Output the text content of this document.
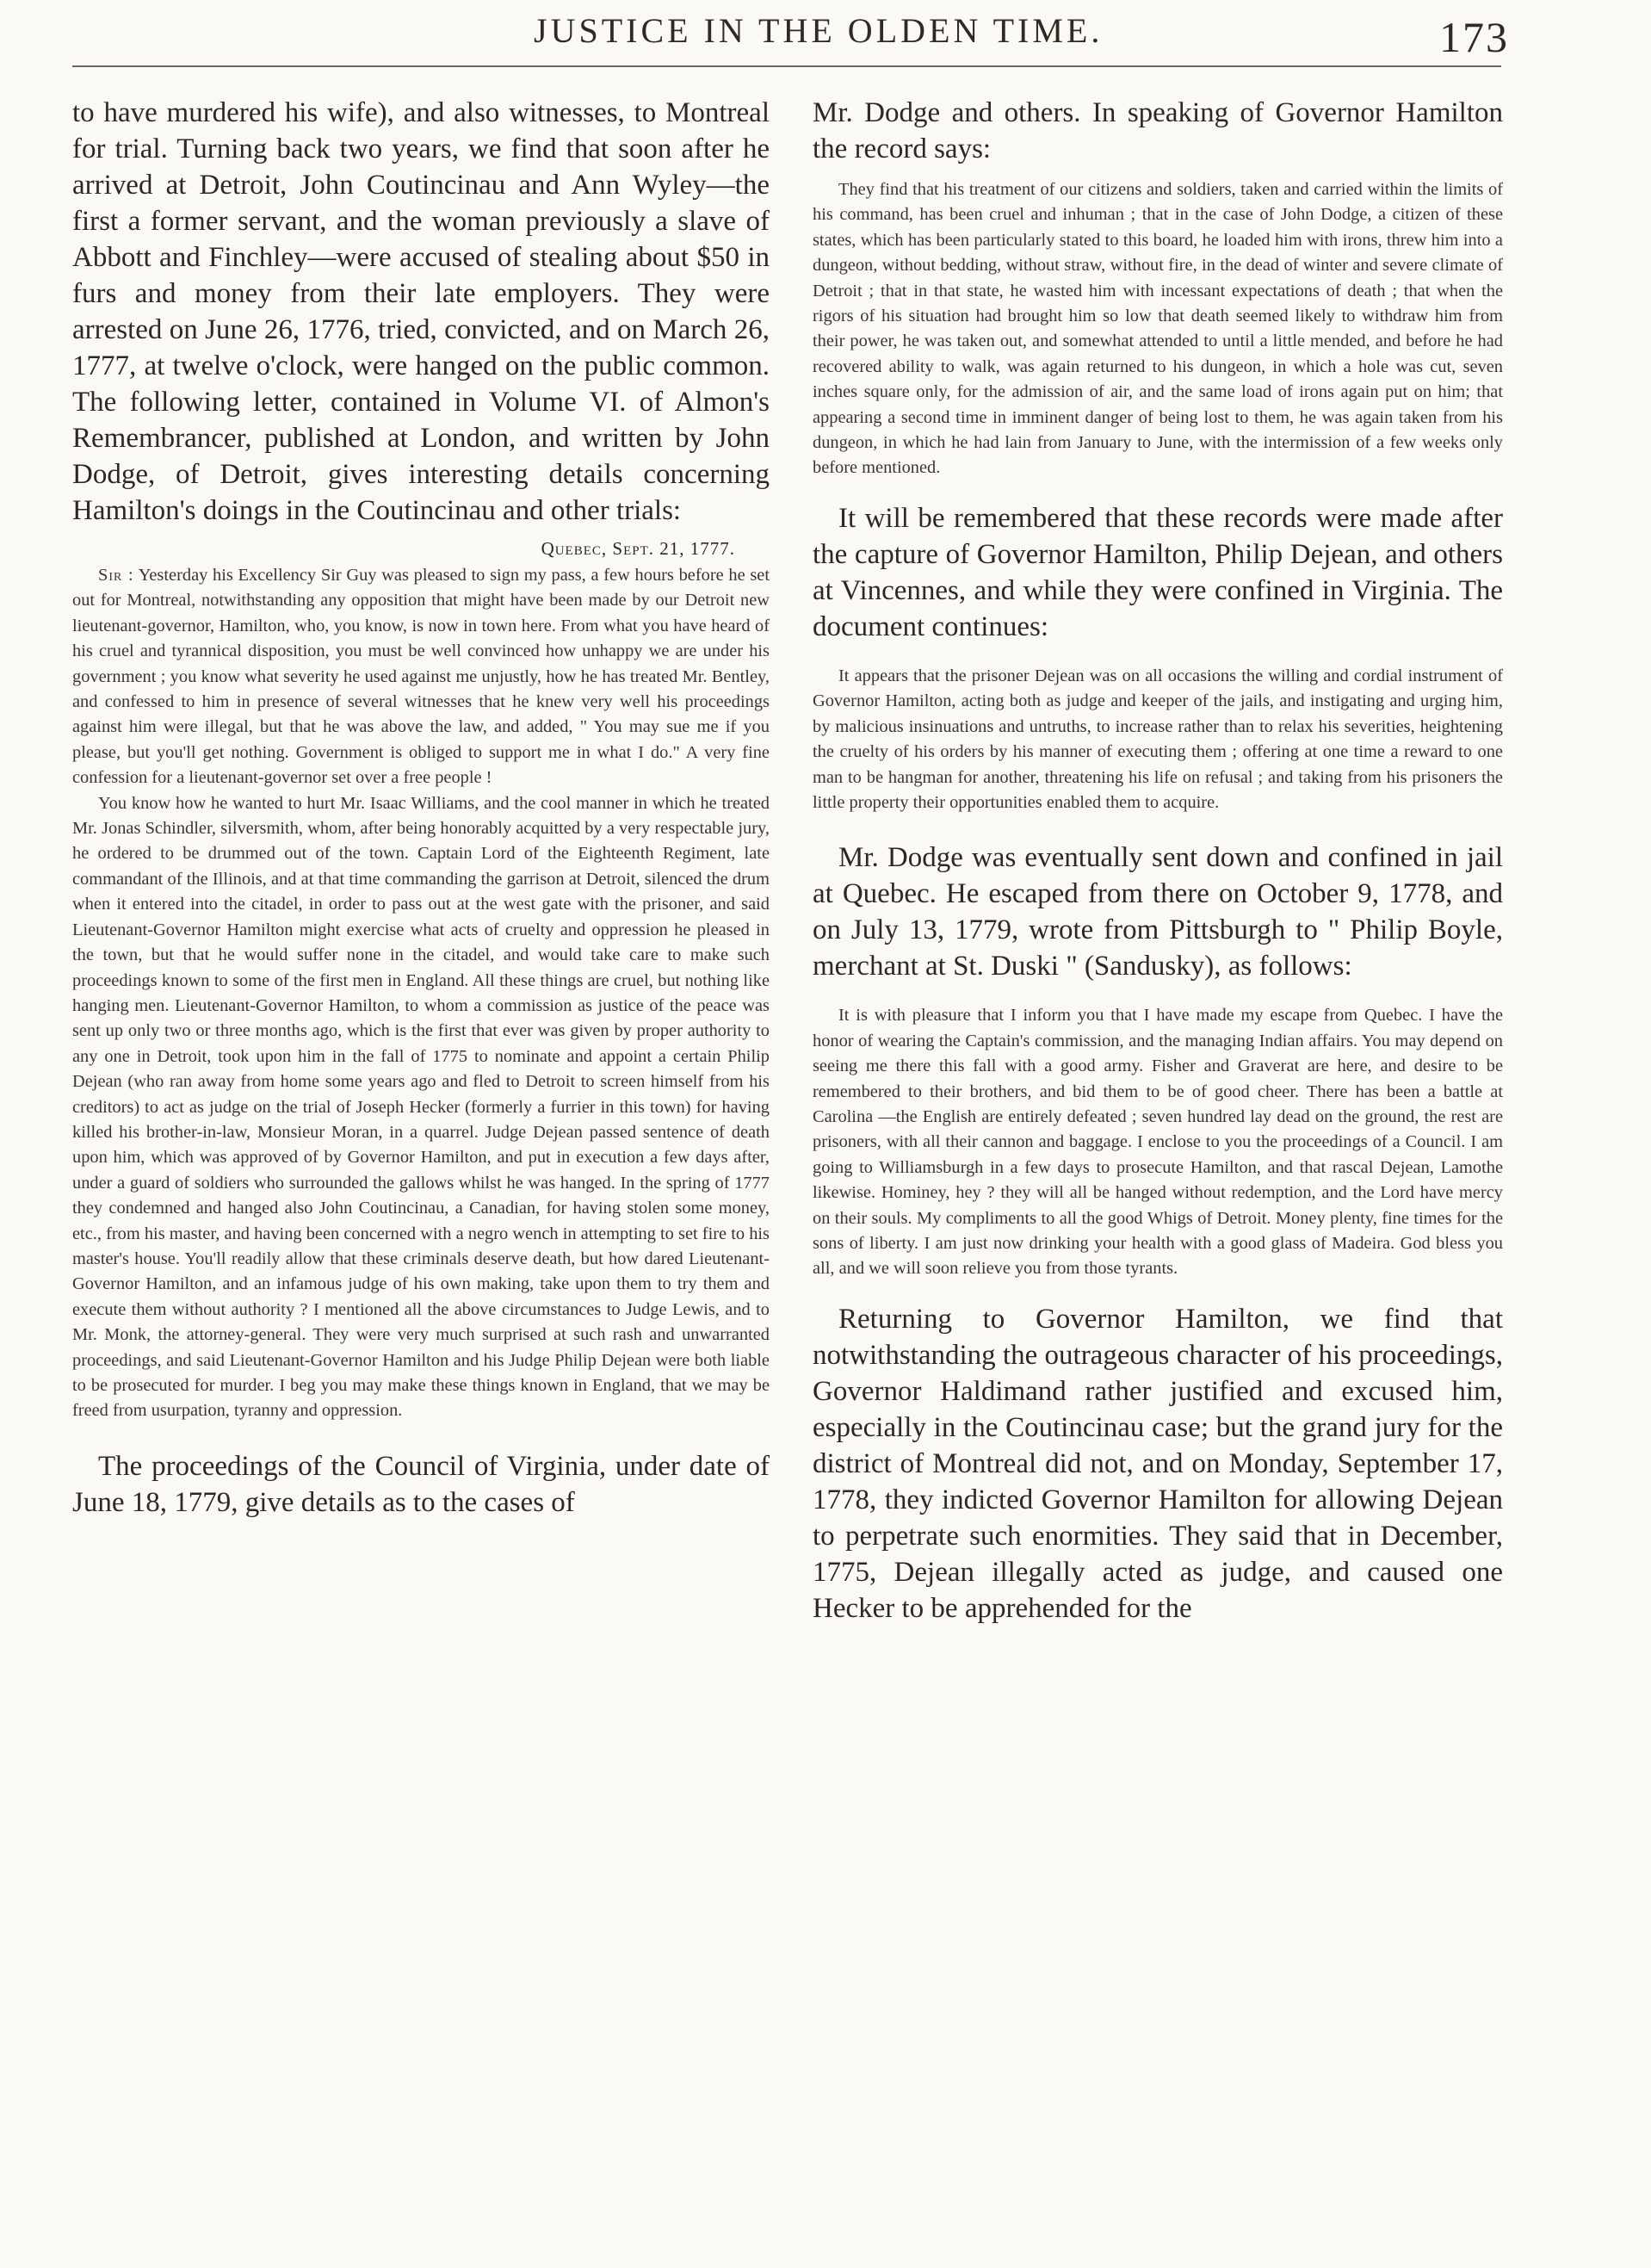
JUSTICE IN THE OLDEN TIME.	173

to have murdered his wife), and also witnesses, to Montreal for trial. Turning back two years, we find that soon after he arrived at Detroit, John Coutincinau and Ann Wyley—the first a former servant, and the woman previously a slave of Abbott and Finchley—were accused of stealing about $50 in furs and money from their late employers. They were arrested on June 26, 1776, tried, convicted, and on March 26, 1777, at twelve o'clock, were hanged on the public common. The following letter, contained in Volume VI. of Almon's Remembrancer, published at London, and written by John Dodge, of Detroit, gives interesting details concerning Hamilton's doings in the Coutincinau and other trials:

Quebec, Sept. 21, 1777.

Sir : Yesterday his Excellency Sir Guy was pleased to sign my pass, a few hours before he set out for Montreal, notwithstanding any opposition that might have been made by our Detroit new lieutenant-governor, Hamilton, who, you know, is now in town here. From what you have heard of his cruel and tyrannical disposition, you must be well convinced how unhappy we are under his government ; you know what severity he used against me unjustly, how he has treated Mr. Bentley, and confessed to him in presence of several witnesses that he knew very well his proceedings against him were illegal, but that he was above the law, and added, " You may sue me if you please, but you'll get nothing. Government is obliged to support me in what I do." A very fine confession for a lieutenant-governor set over a free people !

You know how he wanted to hurt Mr. Isaac Williams, and the cool manner in which he treated Mr. Jonas Schindler, silversmith, whom, after being honorably acquitted by a very respectable jury, he ordered to be drummed out of the town. Captain Lord of the Eighteenth Regiment, late commandant of the Illinois, and at that time commanding the garrison at Detroit, silenced the drum when it entered into the citadel, in order to pass out at the west gate with the prisoner, and said Lieutenant-Governor Hamilton might exercise what acts of cruelty and oppression he pleased in the town, but that he would suffer none in the citadel, and would take care to make such proceedings known to some of the first men in England. All these things are cruel, but nothing like hanging men. Lieutenant-Governor Hamilton, to whom a commission as justice of the peace was sent up only two or three months ago, which is the first that ever was given by proper authority to any one in Detroit, took upon him in the fall of 1775 to nominate and appoint a certain Philip Dejean (who ran away from home some years ago and fled to Detroit to screen himself from his creditors) to act as judge on the trial of Joseph Hecker (formerly a furrier in this town) for having killed his brother-in-law, Monsieur Moran, in a quarrel. Judge Dejean passed sentence of death upon him, which was approved of by Governor Hamilton, and put in execution a few days after, under a guard of soldiers who surrounded the gallows whilst he was hanged. In the spring of 1777 they condemned and hanged also John Coutincinau, a Canadian, for having stolen some money, etc., from his master, and having been concerned with a negro wench in attempting to set fire to his master's house. You'll readily allow that these criminals deserve death, but how dared Lieutenant-Governor Hamilton, and an infamous judge of his own making, take upon them to try them and execute them without authority ? I mentioned all the above circumstances to Judge Lewis, and to Mr. Monk, the attorney-general. They were very much surprised at such rash and unwarranted proceedings, and said Lieutenant-Governor Hamilton and his Judge Philip Dejean were both liable to be prosecuted for murder. I beg you may make these things known in England, that we may be freed from usurpation, tyranny and oppression.

The proceedings of the Council of Virginia, under date of June 18, 1779, give details as to the cases of

Mr. Dodge and others. In speaking of Governor Hamilton the record says:

They find that his treatment of our citizens and soldiers, taken and carried within the limits of his command, has been cruel and inhuman ; that in the case of John Dodge, a citizen of these states, which has been particularly stated to this board, he loaded him with irons, threw him into a dungeon, without bedding, without straw, without fire, in the dead of winter and severe climate of Detroit ; that in that state, he wasted him with incessant expectations of death ; that when the rigors of his situation had brought him so low that death seemed likely to withdraw him from their power, he was taken out, and somewhat attended to until a little mended, and before he had recovered ability to walk, was again returned to his dungeon, in which a hole was cut, seven inches square only, for the admission of air, and the same load of irons again put on him; that appearing a second time in imminent danger of being lost to them, he was again taken from his dungeon, in which he had lain from January to June, with the intermission of a few weeks only before mentioned.

It will be remembered that these records were made after the capture of Governor Hamilton, Philip Dejean, and others at Vincennes, and while they were confined in Virginia. The document continues:

It appears that the prisoner Dejean was on all occasions the willing and cordial instrument of Governor Hamilton, acting both as judge and keeper of the jails, and instigating and urging him, by malicious insinuations and untruths, to increase rather than to relax his severities, heightening the cruelty of his orders by his manner of executing them ; offering at one time a reward to one man to be hangman for another, threatening his life on refusal ; and taking from his prisoners the little property their opportunities enabled them to acquire.

Mr. Dodge was eventually sent down and confined in jail at Quebec. He escaped from there on October 9, 1778, and on July 13, 1779, wrote from Pittsburgh to " Philip Boyle, merchant at St. Duski " (Sandusky), as follows:

It is with pleasure that I inform you that I have made my escape from Quebec. I have the honor of wearing the Captain's commission, and the managing Indian affairs. You may depend on seeing me there this fall with a good army. Fisher and Graverat are here, and desire to be remembered to their brothers, and bid them to be of good cheer. There has been a battle at Carolina —the English are entirely defeated ; seven hundred lay dead on the ground, the rest are prisoners, with all their cannon and baggage. I enclose to you the proceedings of a Council. I am going to Williamsburgh in a few days to prosecute Hamilton, and that rascal Dejean, Lamothe likewise. Hominey, hey ? they will all be hanged without redemption, and the Lord have mercy on their souls. My compliments to all the good Whigs of Detroit. Money plenty, fine times for the sons of liberty. I am just now drinking your health with a good glass of Madeira. God bless you all, and we will soon relieve you from those tyrants.

Returning to Governor Hamilton, we find that notwithstanding the outrageous character of his proceedings, Governor Haldimand rather justified and excused him, especially in the Coutincinau case; but the grand jury for the district of Montreal did not, and on Monday, September 17, 1778, they indicted Governor Hamilton for allowing Dejean to perpetrate such enormities. They said that in December, 1775, Dejean illegally acted as judge, and caused one Hecker to be apprehended for the
